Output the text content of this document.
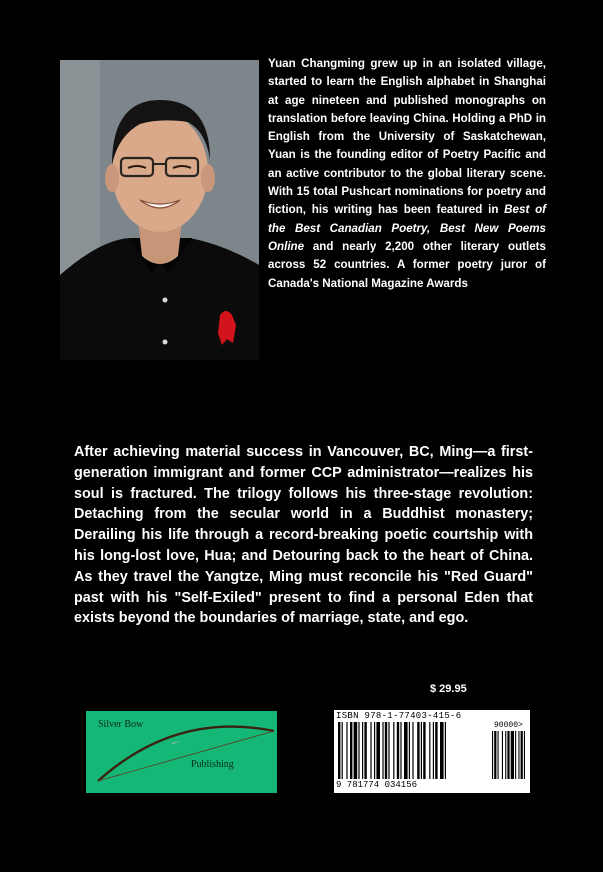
Yuan Changming grew up in an isolated village, started to learn the English alphabet in Shanghai at age nineteen and published monographs on translation before leaving China. Holding a PhD in English from the University of Saskatchewan, Yuan is the founding editor of Poetry Pacific and an active contributor to the global literary scene. With 15 total Pushcart nominations for poetry and fiction, his writing has been featured in Best of the Best Canadian Poetry, Best New Poems Online and nearly 2,200 other literary outlets across 52 countries. A former poetry juror of Canada's National Magazine Awards

After achieving material success in Vancouver, BC, Ming—a first-generation immigrant and former CCP administrator—realizes his soul is fractured. The trilogy follows his three-stage revolution: Detaching from the secular world in a Buddhist monastery; Derailing his life through a record-breaking poetic courtship with his long-lost love, Hua; and Detouring back to the heart of China. As they travel the Yangtze, Ming must reconcile his "Red Guard" past with his "Self-Exiled" present to find a personal Eden that exists beyond the boundaries of marriage, state, and ego.

$ 29.95
Silver Bow
Publishing
ISBN 978-1-77403-415-6
90000>
9 781774 034156
